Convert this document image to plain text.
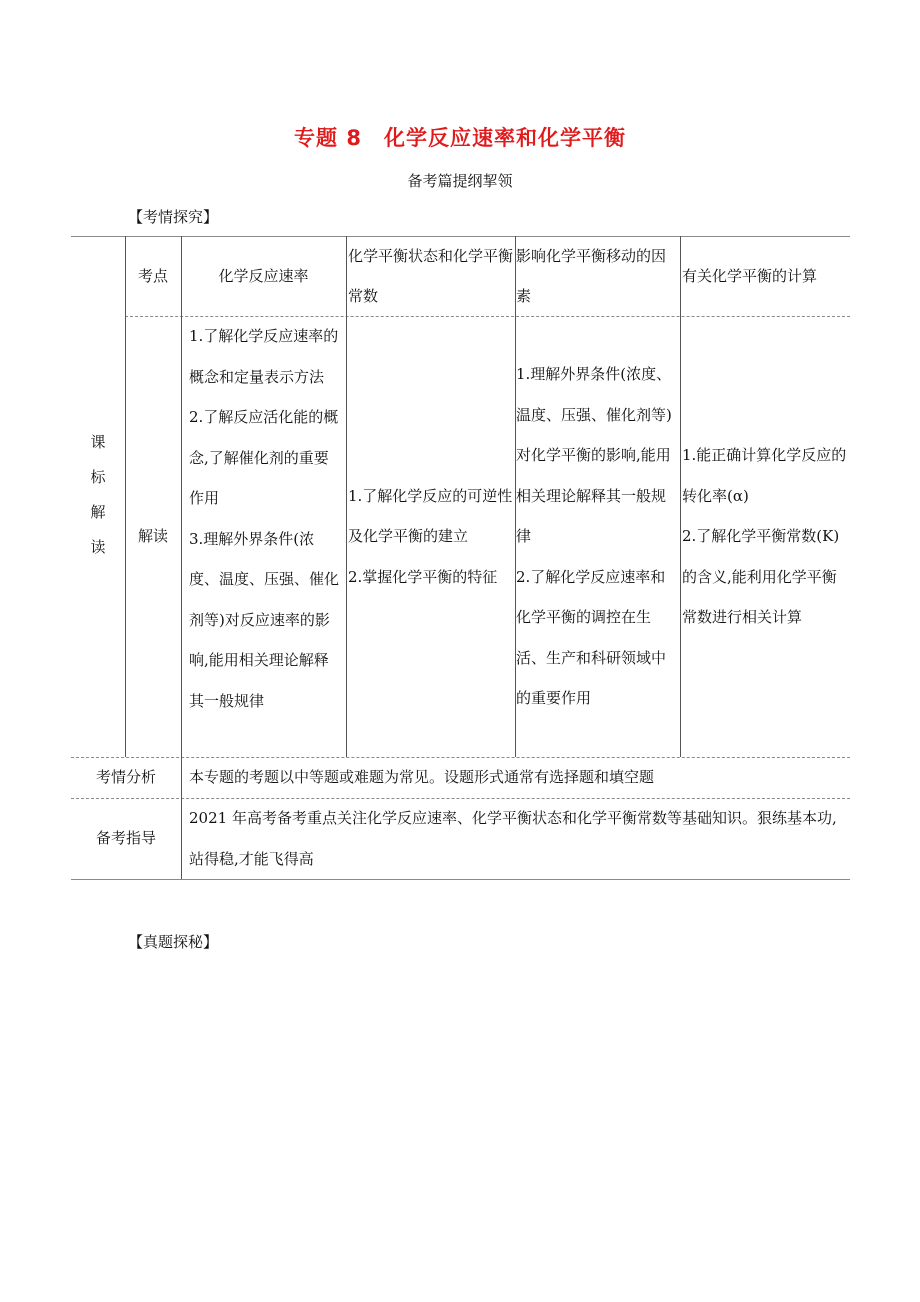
专题 8 化学反应速率和化学平衡
备考篇提纲挈领
【考情探究】
课
标
解
读
考点	化学反应速率
化学平衡状态和化学平衡常数
影响化学平衡移动的因素
有关化学平衡的计算
解读
1.了解化学反应速率的概念和定量表示方法
2.了解反应活化能的概念,了解催化剂的重要作用
3.理解外界条件(浓度、温度、压强、催化剂等)对反应速率的影响,能用相关理论解释其一般规律
1.了解化学反应的可逆性及化学平衡的建立
2.掌握化学平衡的特征
1.理解外界条件(浓度、温度、压强、催化剂等)对化学平衡的影响,能用相关理论解释其一般规律
2.了解化学反应速率和化学平衡的调控在生活、生产和科研领域中的重要作用
1.能正确计算化学反应的转化率(α)
2.了解化学平衡常数(K)的含义,能利用化学平衡常数进行相关计算
考情分析	本专题的考题以中等题或难题为常见。设题形式通常有选择题和填空题
备考指导
2021 年高考备考重点关注化学反应速率、化学平衡状态和化学平衡常数等基础知识。狠练基本功,站得稳,才能飞得高
【真题探秘】
